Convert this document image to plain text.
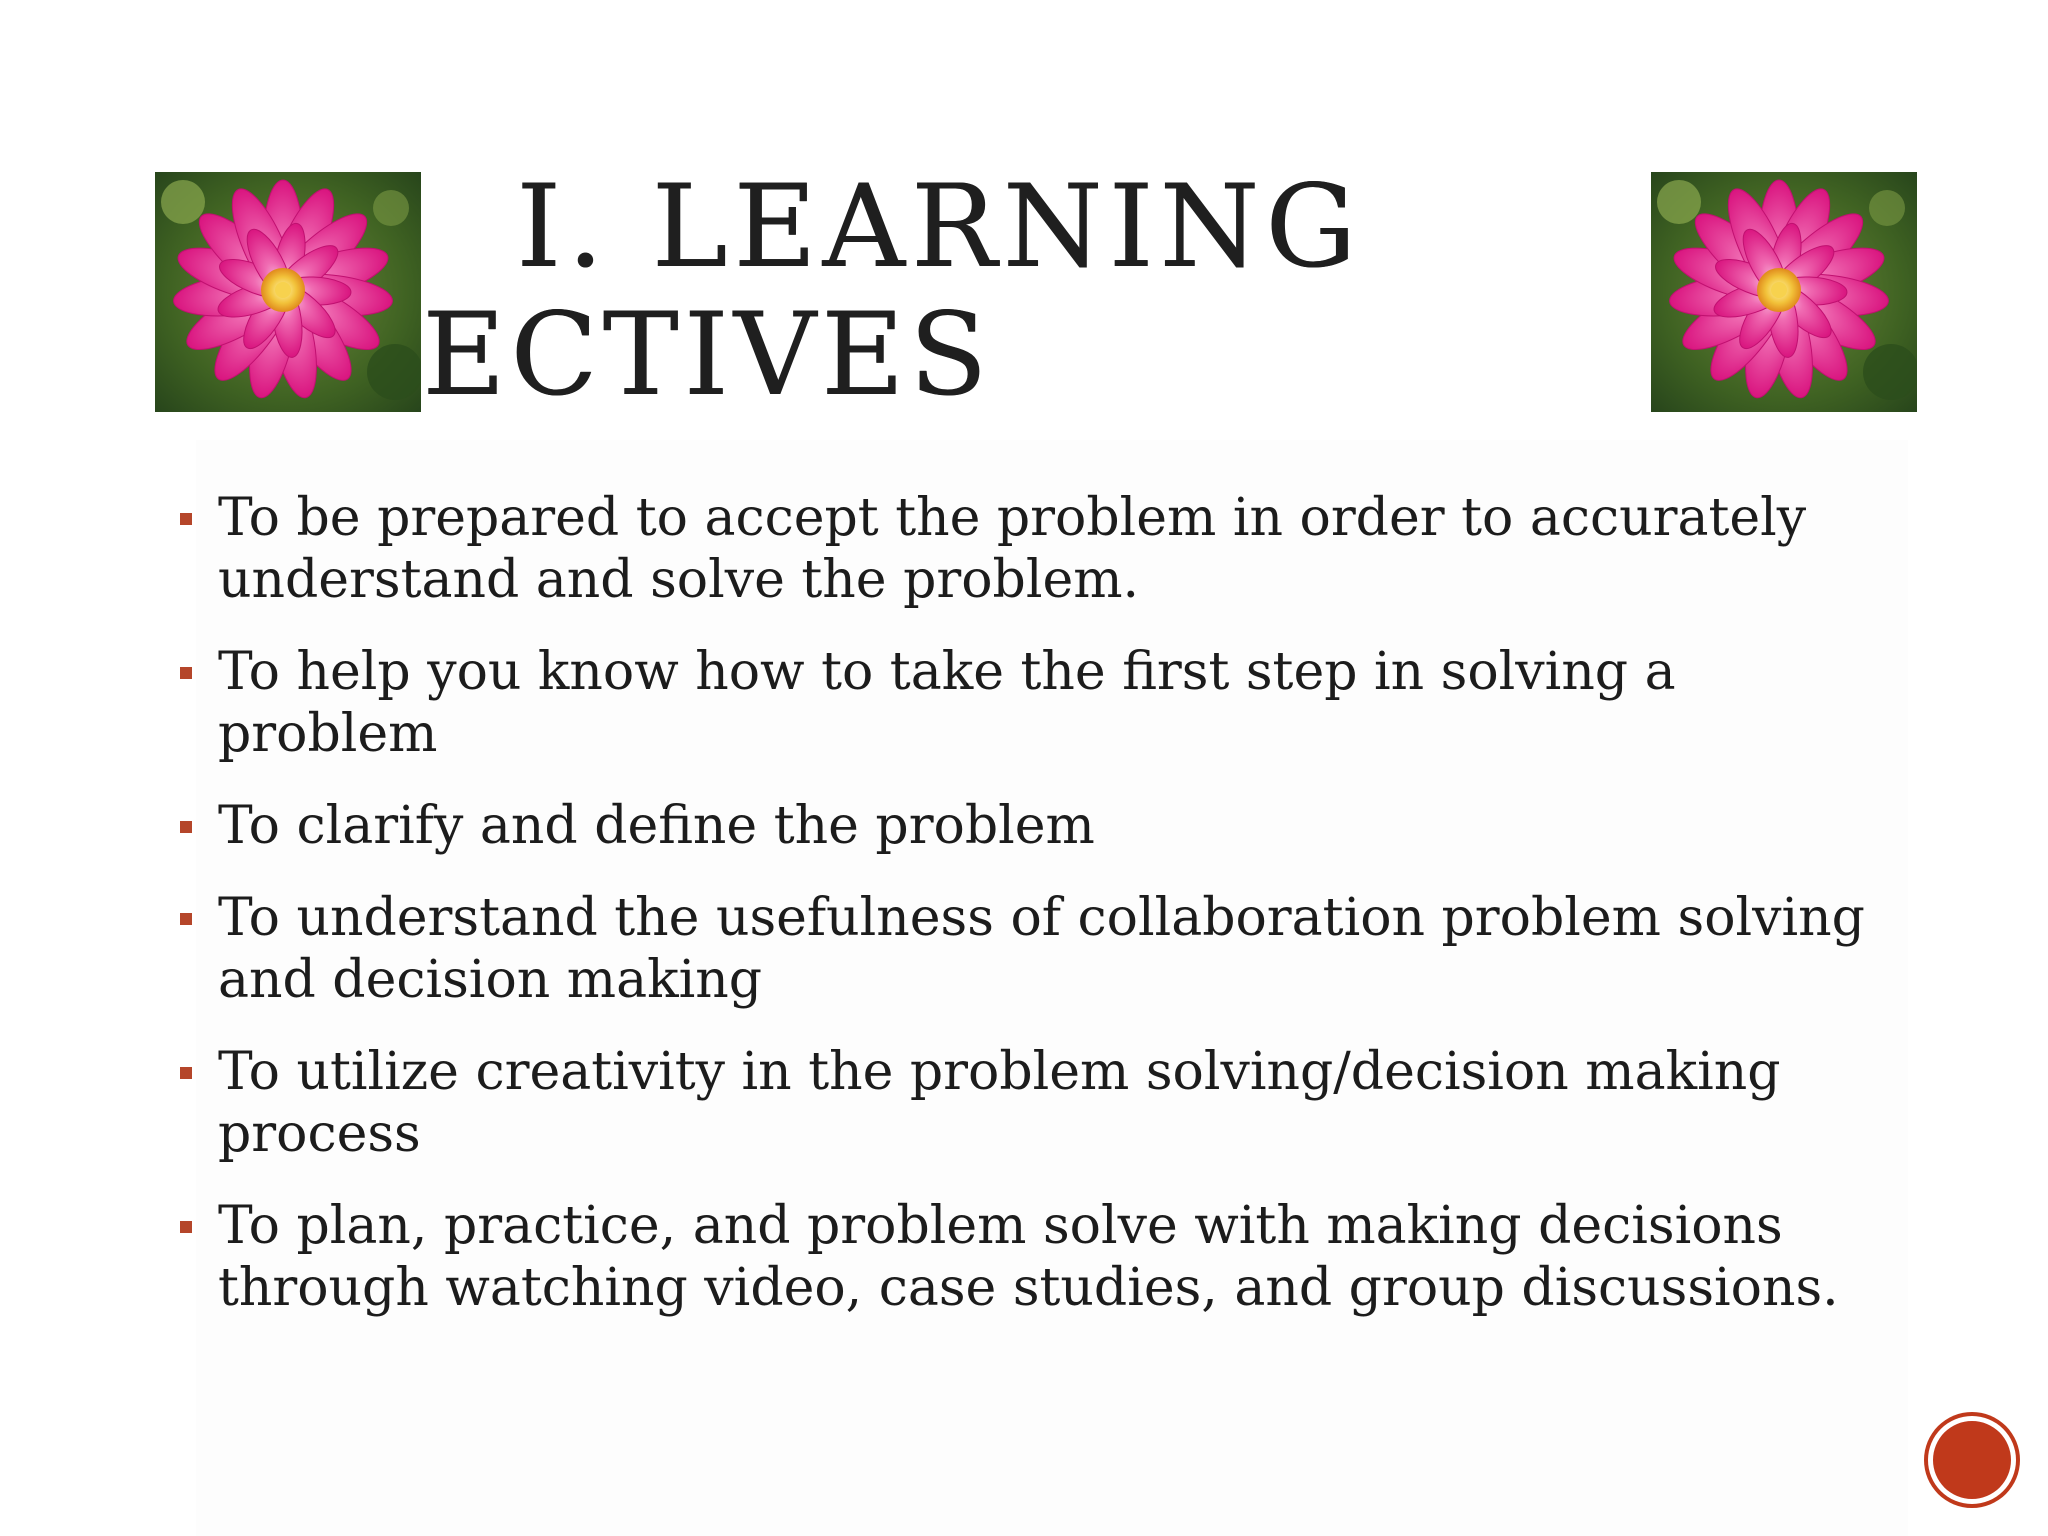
I. LEARNING
ECTIVES
To be prepared to accept the problem in order to accurately understand and solve the problem.
To help you know how to take the first step in solving a problem
To clarify and define the problem
To understand the usefulness of collaboration problem solving and decision making
To utilize creativity in the problem solving/decision making process
To plan, practice, and problem solve with making decisions through watching video, case studies, and group discussions.
